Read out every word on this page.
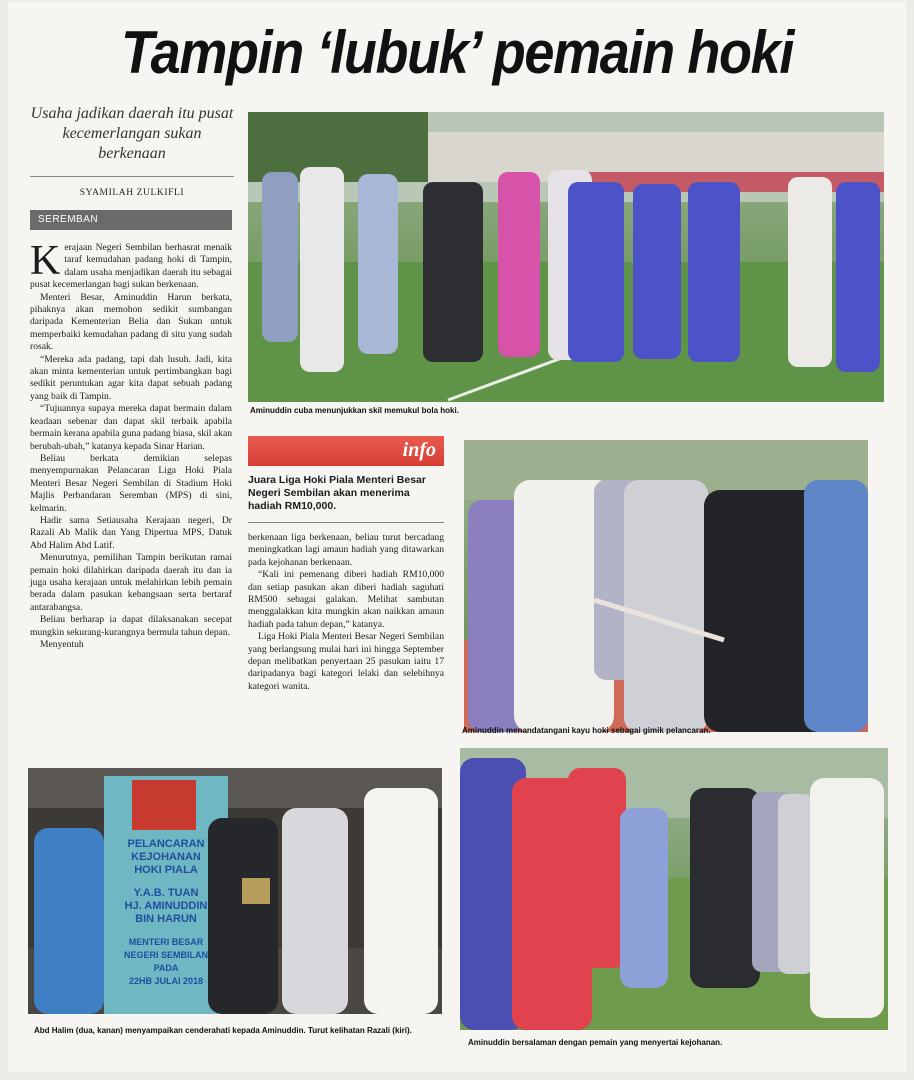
Tampin ‘lubuk’ pemain hoki
Usaha jadikan daerah itu pusat kecemerlangan sukan berkenaan
SYAMILAH ZULKIFLI
SEREMBAN

Kerajaan Negeri Sembilan berhasrat menaik taraf kemudahan padang hoki di Tampin, dalam usaha menjadikan daerah itu sebagai pusat kecemerlangan bagi sukan berkenaan.

Menteri Besar, Aminuddin Harun berkata, pihaknya akan memohon sedikit sumbangan daripada Kementerian Belia dan Sukan untuk memperbaiki kemudahan padang di situ yang sudah rosak.

“Mereka ada padang, tapi dah lusuh. Jadi, kita akan minta kementerian untuk pertimbangkan bagi sedikit peruntukan agar kita dapat sebuah padang yang baik di Tampin.

“Tujuannya supaya mereka dapat bermain dalam keadaan sebenar dan dapat skil terbaik apabila bermain kerana apabila guna padang biasa, skil akan berubah-ubah,” katanya kepada Sinar Harian.

Beliau berkata demikian selepas menyempurnakan Pelancaran Liga Hoki Piala Menteri Besar Negeri Sembilan di Stadium Hoki Majlis Perbandaran Seremban (MPS) di sini, kelmarin.

Hadir sama Setiausaha Kerajaan negeri, Dr Razali Ab Malik dan Yang Dipertua MPS, Datuk Abd Halim Abd Latif.

Menurutnya, pemilihan Tampin berikutan ramai pemain hoki dilahirkan daripada daerah itu dan ia juga usaha kerajaan untuk melahirkan lebih pemain berada dalam pasukan kebangsaan serta bertaraf antarabangsa.

Beliau berharap ia dapat dilaksanakan secepat mungkin sekurang-kurangnya bermula tahun depan.

Menyentuh

info
Juara Liga Hoki Piala Menteri Besar Negeri Sembilan akan menerima hadiah RM10,000.

berkenaan liga berkenaan, beliau turut bercadang meningkatkan lagi amaun hadiah yang ditawarkan pada kejohanan berkenaan.

“Kali ini pemenang diberi hadiah RM10,000 dan setiap pasukan akan diberi hadiah saguhati RM500 sebagai galakan. Melihat sambutan menggalakkan kita mungkin akan naikkan amaun hadiah pada tahun depan,” katanya.

Liga Hoki Piala Menteri Besar Negeri Sembilan yang berlangsung mulai hari ini hingga September depan melibatkan penyertaan 25 pasukan iaitu 17 daripadanya bagi kategori lelaki dan selebihnya kategori wanita.

Aminuddin cuba menunjukkan skil memukul bola hoki.
Aminuddin menandatangani kayu hoki sebagai gimik pelancaran.
PELANCARAN
KEJOHANAN
HOKI PIALA
Y.A.B. TUAN
HJ. AMINUDDIN
BIN HARUN
MENTERI BESAR
NEGERI SEMBILAN
PADA
22HB JULAI 2018
Abd Halim (dua, kanan) menyampaikan cenderahati kepada Aminuddin. Turut kelihatan Razali (kiri).
Aminuddin bersalaman dengan pemain yang menyertai kejohanan.
